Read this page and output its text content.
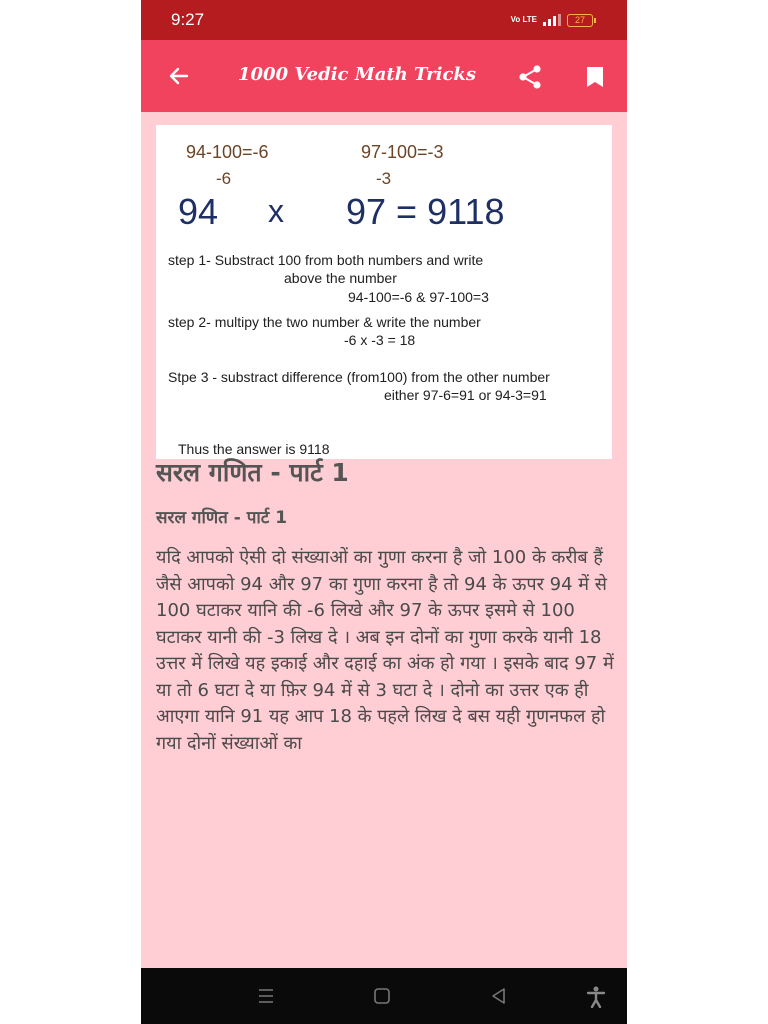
9:27	Vo LTE	27
1000 Vedic Math Tricks
94-100=-6	97-100=-3
-6	-3
94 x 97 = 9118
step 1- Substract 100 from both numbers and write
above the number
94-100=-6 & 97-100=3
step 2- multipy the two number & write the number
-6 x -3 = 18
Stpe 3 - substract difference (from100) from the other number
either 97-6=91 or 94-3=91
Thus the answer is 9118
सरल गणित - पार्ट 1
सरल गणित - पार्ट 1
यदि आपको ऐसी दो संख्याओं का गुणा करना है जो 100 के करीब हैं जैसे आपको 94 और 97 का गुणा करना है तो 94 के ऊपर 94 में से 100 घटाकर यानि की -6 लिखे और 97 के ऊपर इसमे से 100 घटाकर यानी की -3 लिख दे । अब इन दोनों का गुणा करके यानी 18 उत्तर में लिखे यह इकाई और दहाई का अंक हो गया । इसके बाद 97 में या तो 6 घटा दे या फ़िर 94 में से 3 घटा दे । दोनो का उत्तर एक ही आएगा यानि 91 यह आप 18 के पहले लिख दे बस यही गुणनफल हो गया दोनों संख्याओं का
